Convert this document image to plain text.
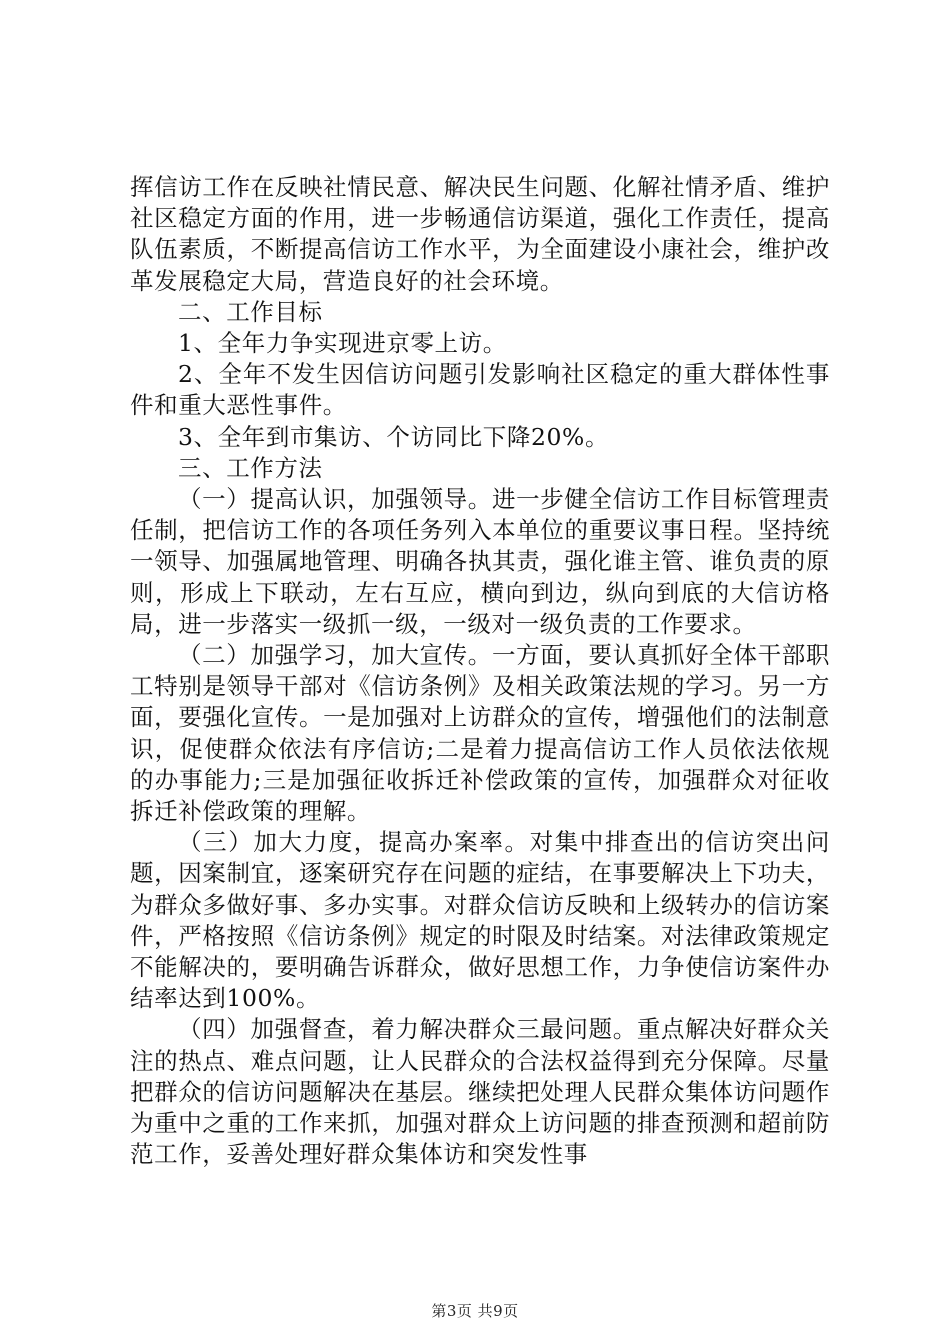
挥信访工作在反映社情民意、解决民生问题、化解社情矛盾、维护社区稳定方面的作用，进一步畅通信访渠道，强化工作责任，提高队伍素质，不断提高信访工作水平，为全面建设小康社会，维护改革发展稳定大局，营造良好的社会环境。

二、工作目标

1、全年力争实现进京零上访。

2、全年不发生因信访问题引发影响社区稳定的重大群体性事件和重大恶性事件。

3、全年到市集访、个访同比下降20%。

三、工作方法

（一）提高认识，加强领导。进一步健全信访工作目标管理责任制，把信访工作的各项任务列入本单位的重要议事日程。坚持统一领导、加强属地管理、明确各执其责，强化谁主管、谁负责的原则，形成上下联动，左右互应，横向到边，纵向到底的大信访格局，进一步落实一级抓一级，一级对一级负责的工作要求。

（二）加强学习，加大宣传。一方面，要认真抓好全体干部职工特别是领导干部对《信访条例》及相关政策法规的学习。另一方面，要强化宣传。一是加强对上访群众的宣传，增强他们的法制意识，促使群众依法有序信访;二是着力提高信访工作人员依法依规的办事能力;三是加强征收拆迁补偿政策的宣传，加强群众对征收拆迁补偿政策的理解。

（三）加大力度，提高办案率。对集中排查出的信访突出问题，因案制宜，逐案研究存在问题的症结，在事要解决上下功夫，为群众多做好事、多办实事。对群众信访反映和上级转办的信访案件，严格按照《信访条例》规定的时限及时结案。对法律政策规定不能解决的，要明确告诉群众，做好思想工作，力争使信访案件办结率达到100%。

（四）加强督查，着力解决群众三最问题。重点解决好群众关注的热点、难点问题，让人民群众的合法权益得到充分保障。尽量把群众的信访问题解决在基层。继续把处理人民群众集体访问题作为重中之重的工作来抓，加强对群众上访问题的排查预测和超前防范工作，妥善处理好群众集体访和突发性事

第3页 共9页
